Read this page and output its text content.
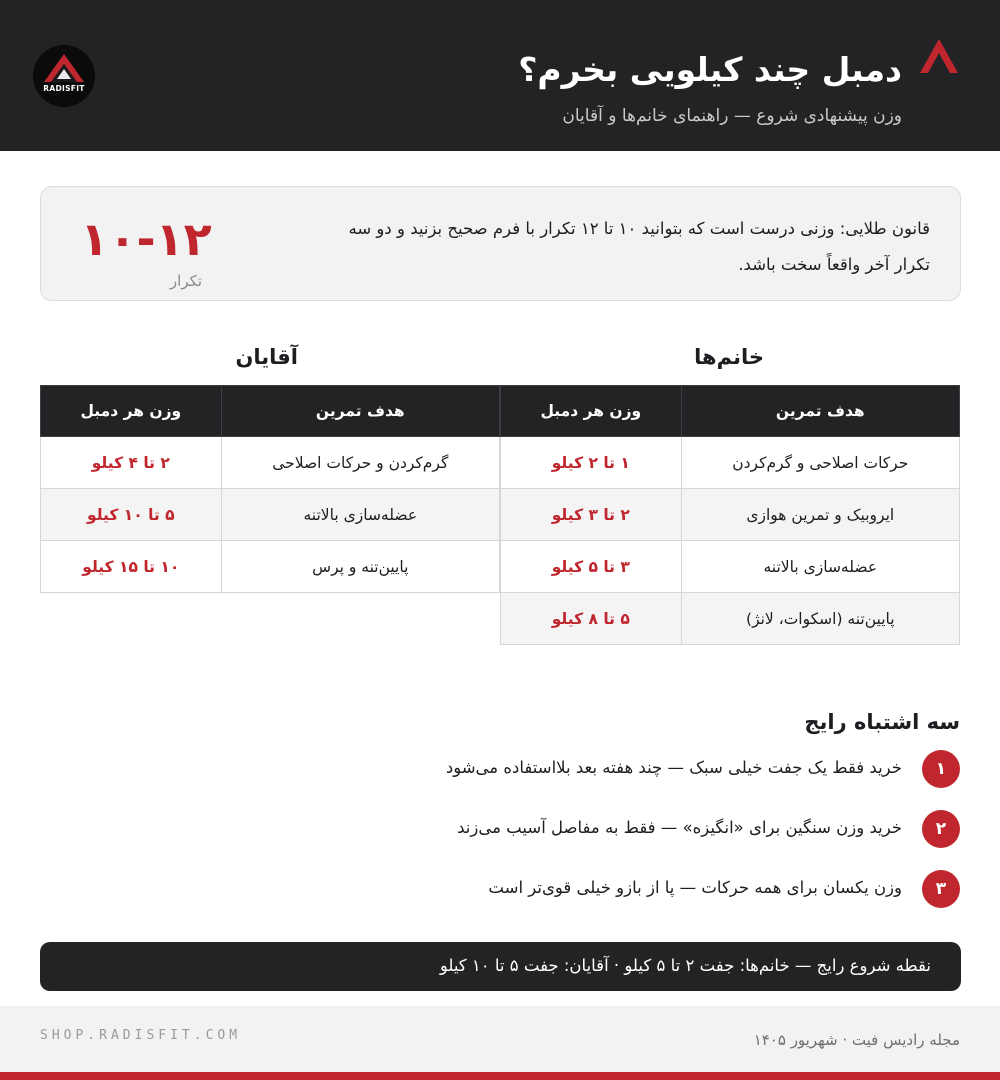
RADISFIT	دمبل چند کیلویی بخرم؟
وزن پیشنهادی شروع — راهنمای خانم‌ها و آقایان

قانون طلایی: وزنی درست است که بتوانید ۱۰ تا ۱۲ تکرار با فرم صحیح بزنید و دو سه تکرار آخر واقعاً سخت باشد.

۱۰-۱۲
تکرار
خانم‌ها
هدف تمرین	وزن هر دمبل
حرکات اصلاحی و گرم‌کردن	۱ تا ۲ کیلو
ایروبیک و تمرین هوازی	۲ تا ۳ کیلو
عضله‌سازی بالاتنه	۳ تا ۵ کیلو
پایین‌تنه (اسکوات، لانژ)	۵ تا ۸ کیلو
آقایان
هدف تمرین	وزن هر دمبل
گرم‌کردن و حرکات اصلاحی	۲ تا ۴ کیلو
عضله‌سازی بالاتنه	۵ تا ۱۰ کیلو
پایین‌تنه و پرس	۱۰ تا ۱۵ کیلو
سه اشتباه رایج
۱
خرید فقط یک جفت خیلی سبک — چند هفته بعد بلااستفاده می‌شود
۲
خرید وزن سنگین برای «انگیزه» — فقط به مفاصل آسیب می‌زند
۳
وزن یکسان برای همه حرکات — پا از بازو خیلی قوی‌تر است
نقطه شروع رایج — خانم‌ها: جفت ۲ تا ۵ کیلو · آقایان: جفت ۵ تا ۱۰ کیلو
SHOP.RADISFIT.COM	مجله رادیس فیت · شهریور ۱۴۰۵
